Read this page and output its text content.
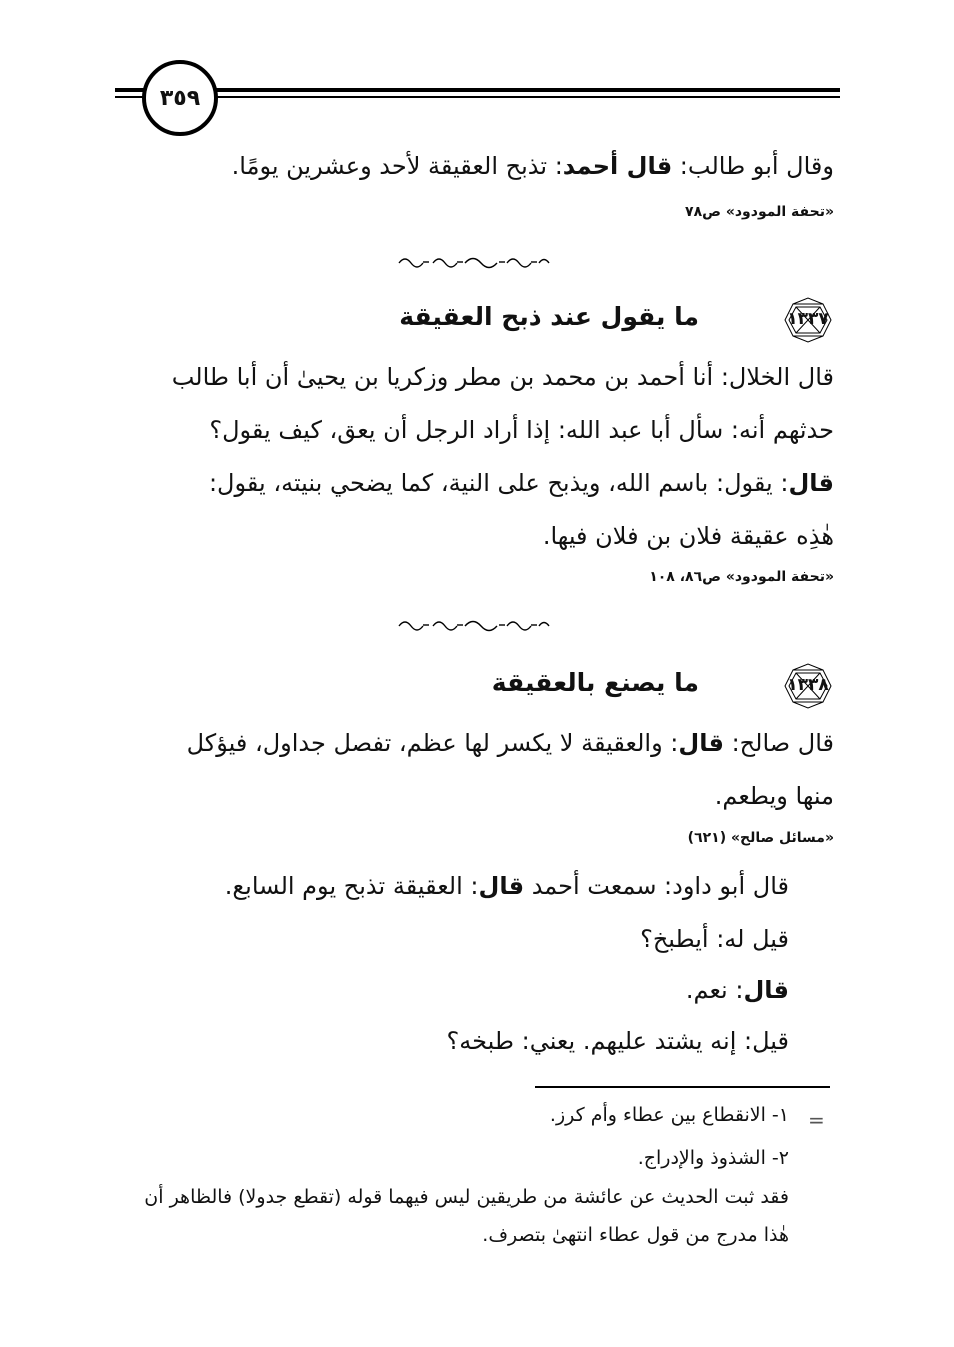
٣٥٩
وقال أبو طالب: قال أحمد: تذبح العقيقة لأحد وعشرين يومًا.
«تحفة المودود» ص٧٨
١٣٣٧
ما يقول عند ذبح العقيقة
قال الخلال: أنا أحمد بن محمد بن مطر وزكريا بن يحيىٰ أن أبا طالب
حدثهم أنه: سأل أبا عبد الله: إذا أراد الرجل أن يعق، كيف يقول؟
قال: يقول: باسم الله، ويذبح على النية، كما يضحي بنيته، يقول:
هٰذِه عقيقة فلان بن فلان فيها.
«تحفة المودود» ص٨٦، ١٠٨
١٣٣٨
ما يصنع بالعقيقة
قال صالح: قال: والعقيقة لا يكسر لها عظم، تفصل جداول، فيؤكل
منها ويطعم.
«مسائل صالح» (٦٢١)
قال أبو داود: سمعت أحمد قال: العقيقة تذبح يوم السابع.
قيل له: أيطبخ؟
قال: نعم.
قيل: إنه يشتد عليهم. يعني: طبخه؟
=
١- الانقطاع بين عطاء وأم كرز.
٢- الشذوذ والإدراج.
فقد ثبت الحديث عن عائشة من طريقين ليس فيهما قوله (تقطع جدولا) فالظاهر أن
هٰذا مدرج من قول عطاء انتهىٰ بتصرف.
